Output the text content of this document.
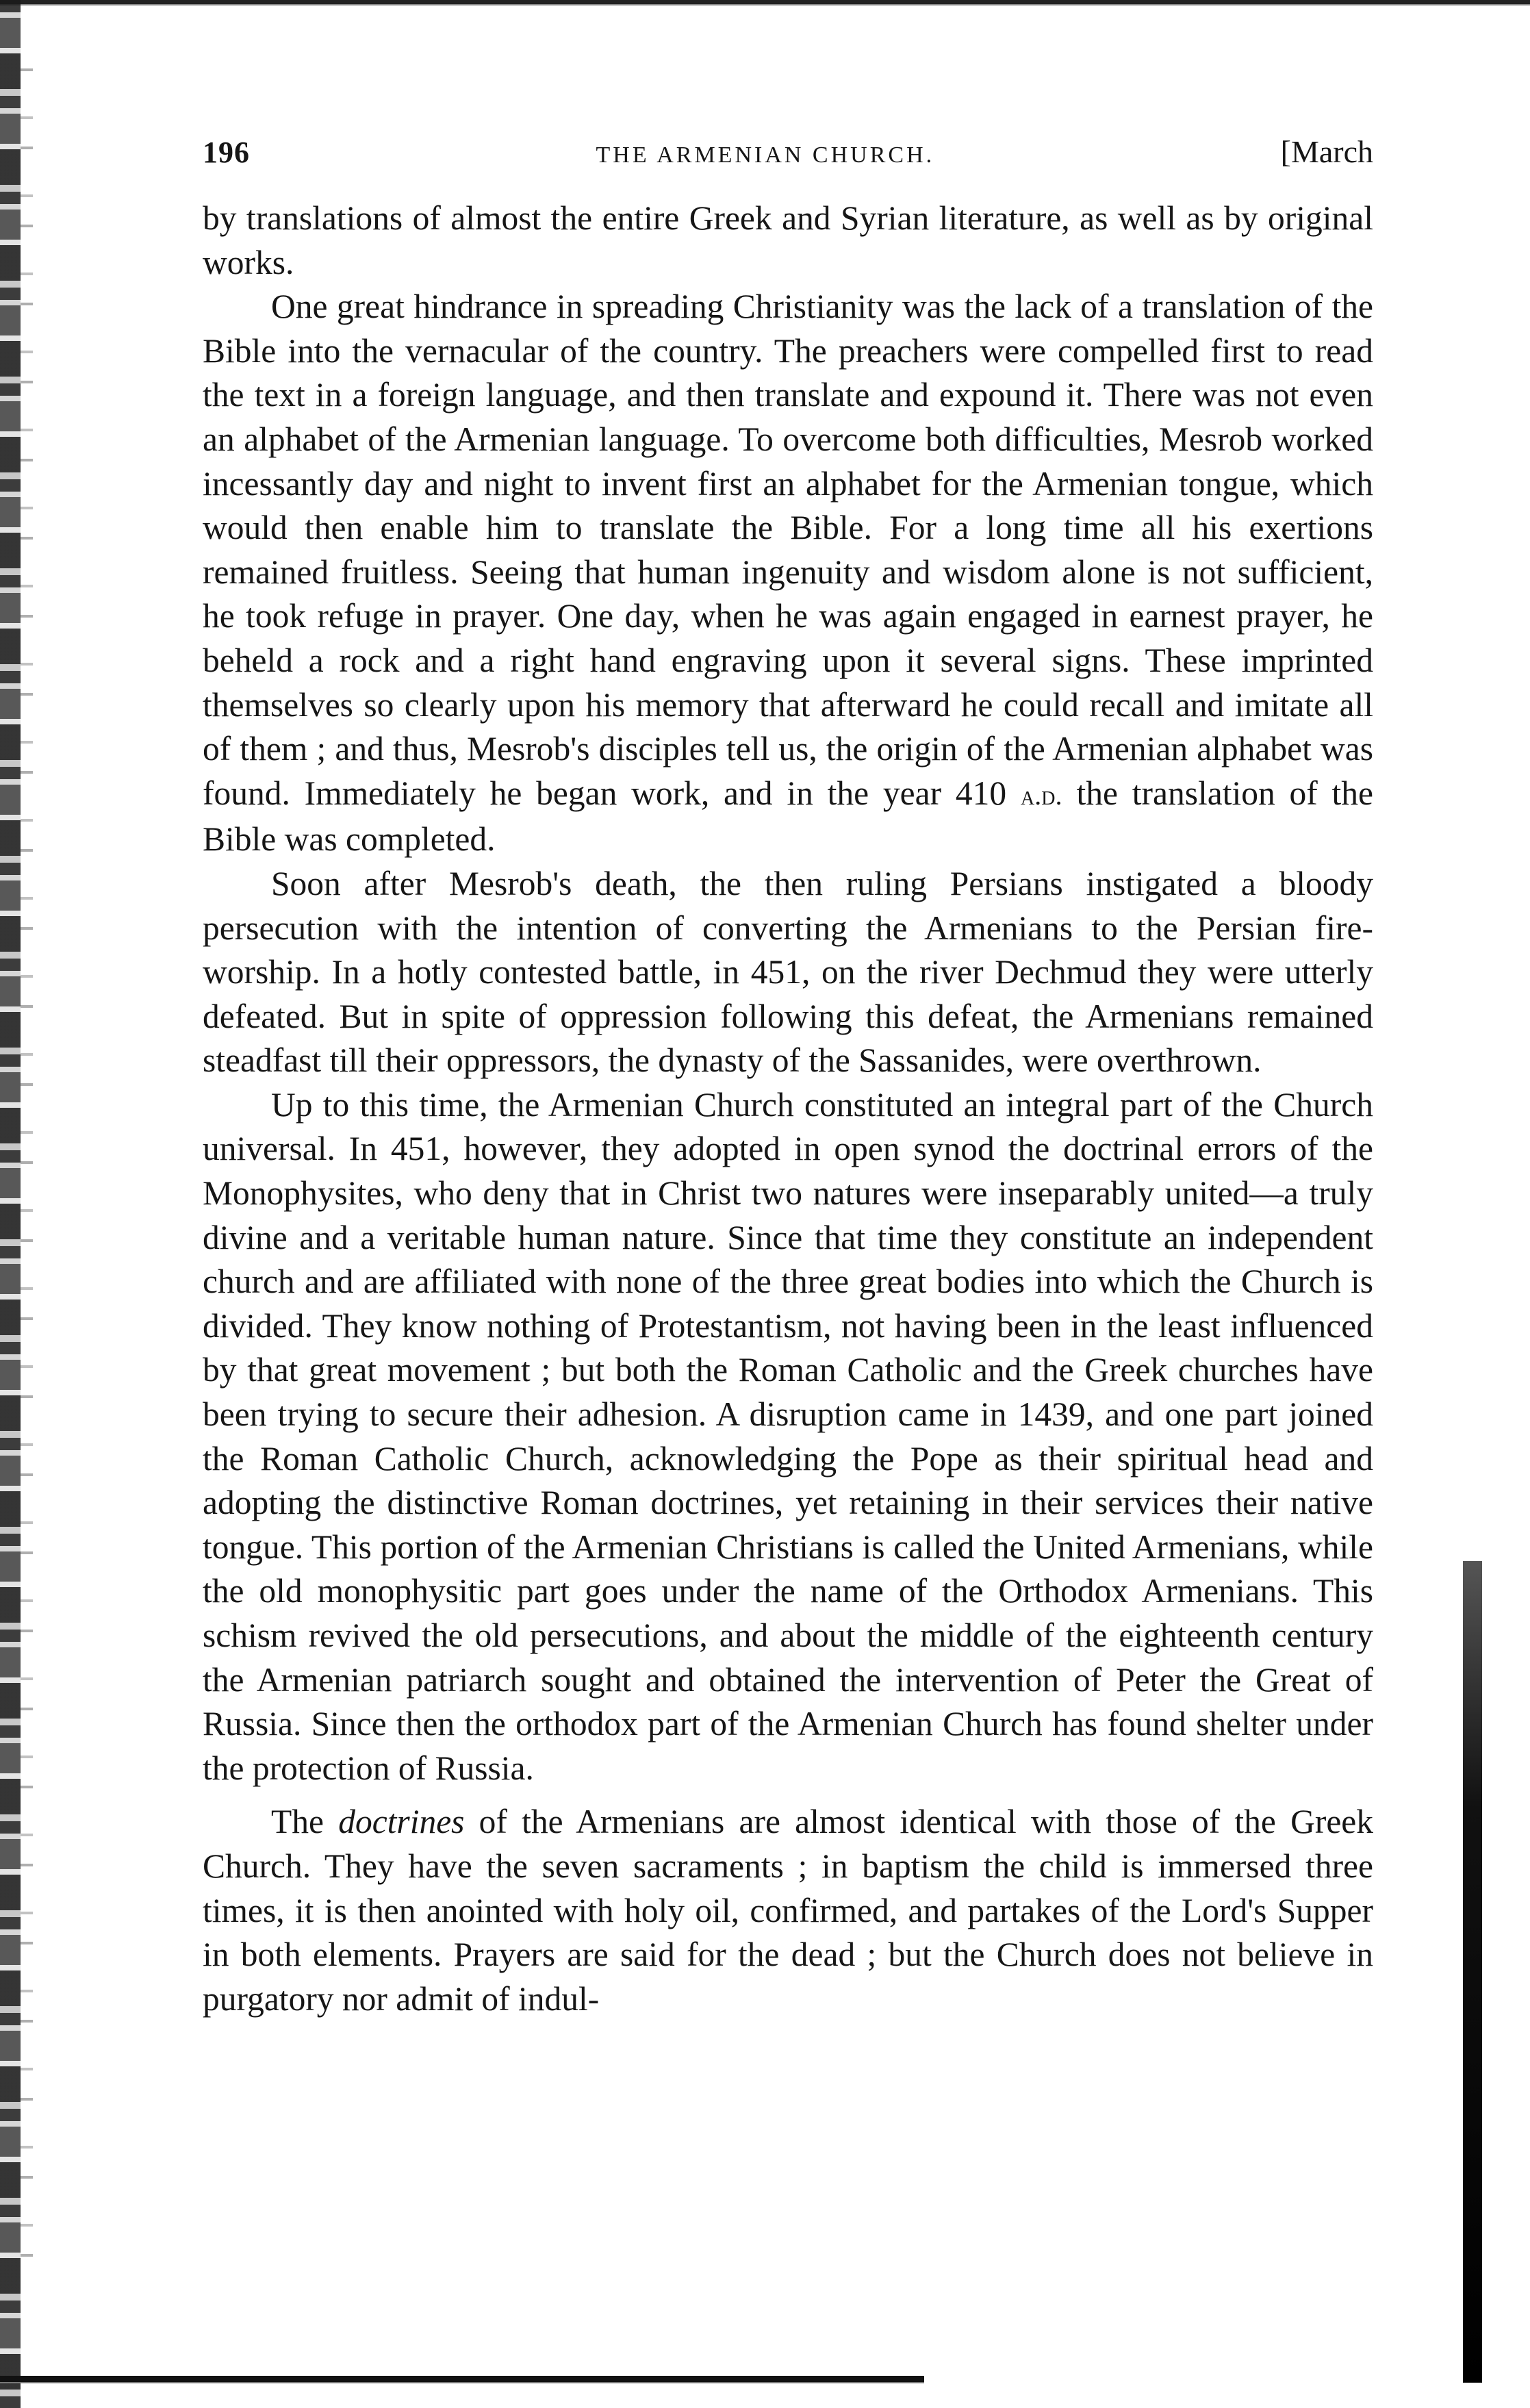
196	THE ARMENIAN CHURCH.	[March

by translations of almost the entire Greek and Syrian literature, as well as by original works.

One great hindrance in spreading Christianity was the lack of a translation of the Bible into the vernacular of the country. The preachers were compelled first to read the text in a foreign language, and then translate and expound it. There was not even an alphabet of the Armenian language. To overcome both difficulties, Mesrob worked incessantly day and night to invent first an alphabet for the Armenian tongue, which would then enable him to translate the Bible. For a long time all his exertions remained fruitless. Seeing that human ingenuity and wisdom alone is not sufficient, he took refuge in prayer. One day, when he was again engaged in earnest prayer, he beheld a rock and a right hand engraving upon it several signs. These imprinted themselves so clearly upon his memory that afterward he could recall and imitate all of them ; and thus, Mesrob's disciples tell us, the origin of the Armenian alphabet was found. Immediately he began work, and in the year 410 a.d. the translation of the Bible was completed.

Soon after Mesrob's death, the then ruling Persians instigated a bloody persecution with the intention of converting the Armenians to the Persian fire-worship. In a hotly contested battle, in 451, on the river Dechmud they were utterly defeated. But in spite of oppression following this defeat, the Armenians remained steadfast till their oppressors, the dynasty of the Sassanides, were overthrown.

Up to this time, the Armenian Church constituted an integral part of the Church universal. In 451, however, they adopted in open synod the doctrinal errors of the Monophysites, who deny that in Christ two natures were inseparably united—a truly divine and a veritable human nature. Since that time they constitute an independent church and are affiliated with none of the three great bodies into which the Church is divided. They know nothing of Protestantism, not having been in the least influenced by that great movement ; but both the Roman Catholic and the Greek churches have been trying to secure their adhesion. A disruption came in 1439, and one part joined the Roman Catholic Church, acknowledging the Pope as their spiritual head and adopting the distinctive Roman doctrines, yet retaining in their services their native tongue. This portion of the Armenian Christians is called the United Armenians, while the old monophysitic part goes under the name of the Orthodox Armenians. This schism revived the old persecutions, and about the middle of the eighteenth century the Armenian patriarch sought and obtained the intervention of Peter the Great of Russia. Since then the orthodox part of the Armenian Church has found shelter under the protection of Russia.

The doctrines of the Armenians are almost identical with those of the Greek Church. They have the seven sacraments ; in baptism the child is immersed three times, it is then anointed with holy oil, confirmed, and partakes of the Lord's Supper in both elements. Prayers are said for the dead ; but the Church does not believe in purgatory nor admit of indul-
